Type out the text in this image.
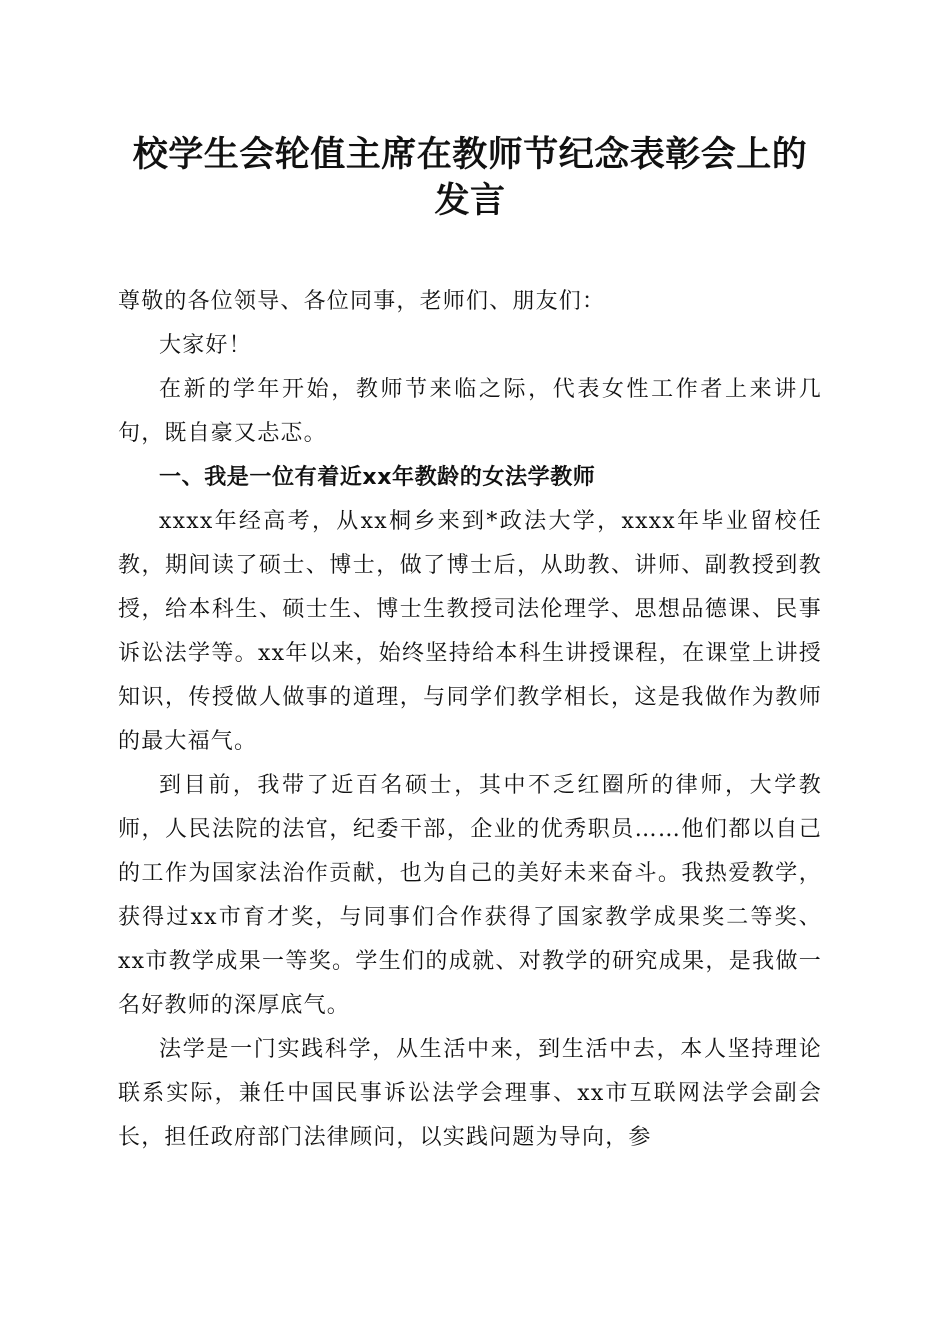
校学生会轮值主席在教师节纪念表彰会上的发言

尊敬的各位领导、各位同事，老师们、朋友们：

大家好！

在新的学年开始，教师节来临之际，代表女性工作者上来讲几句，既自豪又忐忑。

一、我是一位有着近xx年教龄的女法学教师

xxxx年经高考，从xx桐乡来到*政法大学，xxxx年毕业留校任教，期间读了硕士、博士，做了博士后，从助教、讲师、副教授到教授，给本科生、硕士生、博士生教授司法伦理学、思想品德课、民事诉讼法学等。xx年以来，始终坚持给本科生讲授课程，在课堂上讲授知识，传授做人做事的道理，与同学们教学相长，这是我做作为教师的最大福气。

到目前，我带了近百名硕士，其中不乏红圈所的律师，大学教师，人民法院的法官，纪委干部，企业的优秀职员……他们都以自己的工作为国家法治作贡献，也为自己的美好未来奋斗。我热爱教学，获得过xx市育才奖，与同事们合作获得了国家教学成果奖二等奖、xx市教学成果一等奖。学生们的成就、对教学的研究成果，是我做一名好教师的深厚底气。

法学是一门实践科学，从生活中来，到生活中去，本人坚持理论联系实际，兼任中国民事诉讼法学会理事、xx市互联网法学会副会长，担任政府部门法律顾问，以实践问题为导向，参
